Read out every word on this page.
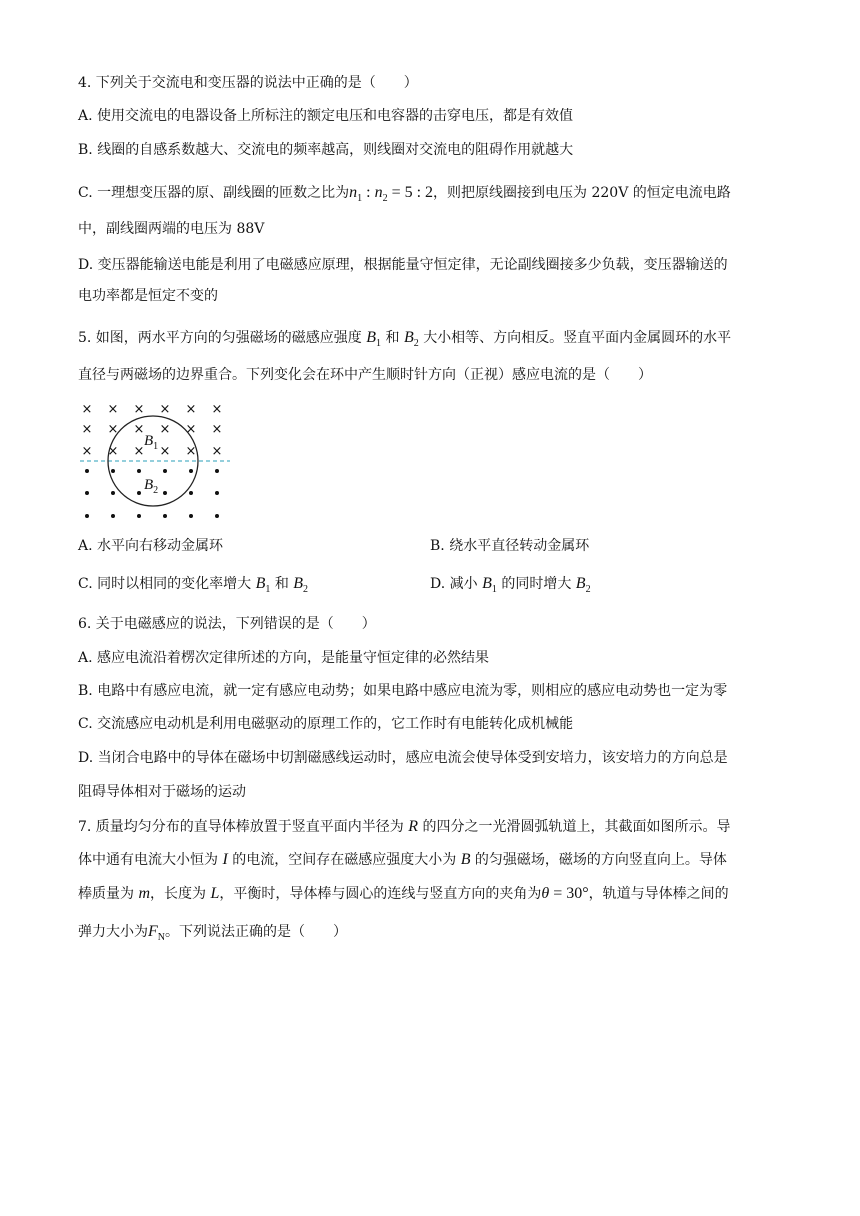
4. 下列关于交流电和变压器的说法中正确的是（　　）
A. 使用交流电的电器设备上所标注的额定电压和电容器的击穿电压，都是有效值
B. 线圈的自感系数越大、交流电的频率越高，则线圈对交流电的阻碍作用就越大
C. 一理想变压器的原、副线圈的匝数之比为$n_1$ : $n_2 = 5$ : 2，则把原线圈接到电压为 220V 的恒定电流电路
中，副线圈两端的电压为 88V
D. 变压器能输送电能是利用了电磁感应原理，根据能量守恒定律，无论副线圈接多少负载，变压器输送的
电功率都是恒定不变的
5. 如图，两水平方向的匀强磁场的磁感应强度 $B_1$ 和 $B_2$ 大小相等、方向相反。竖直平面内金属圆环的水平
直径与两磁场的边界重合。下列变化会在环中产生顺时针方向（正视）感应电流的是（　　）
× × × × × ×
× × × × × ×
× × × × × ×
$B_1$
$B_2$
A. 水平向右移动金属环	B. 绕水平直径转动金属环
C. 同时以相同的变化率增大 $B_1$ 和 $B_2$	D. 减小 $B_1$ 的同时增大 $B_2$
6. 关于电磁感应的说法，下列错误的是（　　）
A. 感应电流沿着楞次定律所述的方向，是能量守恒定律的必然结果
B. 电路中有感应电流，就一定有感应电动势；如果电路中感应电流为零，则相应的感应电动势也一定为零
C. 交流感应电动机是利用电磁驱动的原理工作的，它工作时有电能转化成机械能
D. 当闭合电路中的导体在磁场中切割磁感线运动时，感应电流会使导体受到安培力，该安培力的方向总是
阻碍导体相对于磁场的运动
7. 质量均匀分布的直导体棒放置于竖直平面内半径为 R 的四分之一光滑圆弧轨道上，其截面如图所示。导
体中通有电流大小恒为 I 的电流，空间存在磁感应强度大小为 B 的匀强磁场，磁场的方向竖直向上。导体
棒质量为 m，长度为 L，平衡时，导体棒与圆心的连线与竖直方向的夹角为θ = 30°，轨道与导体棒之间的
弹力大小为$F_N$。下列说法正确的是（　　）
